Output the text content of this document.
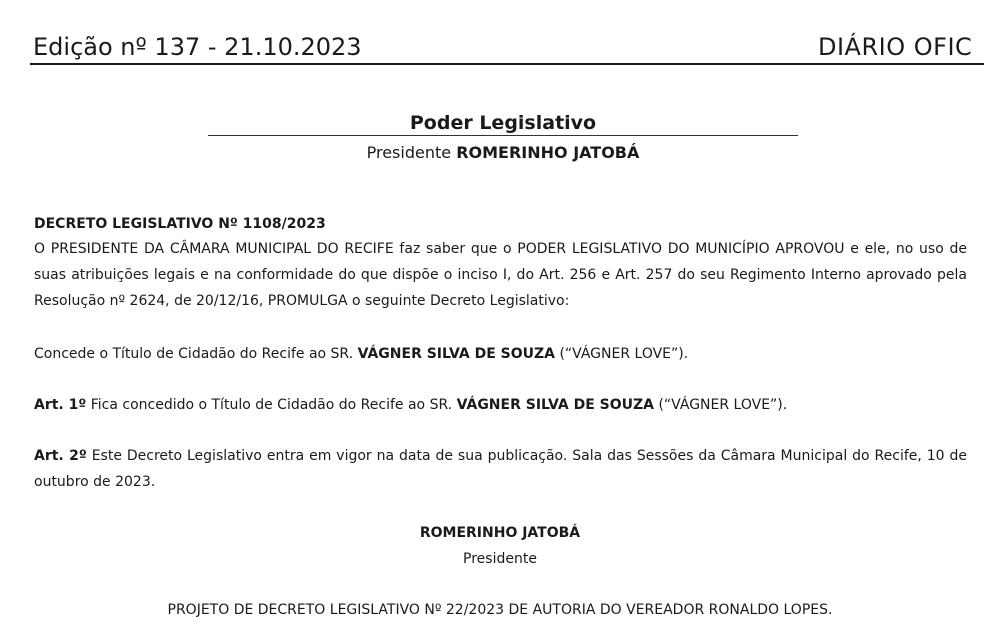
Edição nº 137 - 21.10.2023	DIÁRIO OFIC
Poder Legislativo
Presidente ROMERINHO JATOBÁ
DECRETO LEGISLATIVO Nº 1108/2023
O PRESIDENTE DA CÂMARA MUNICIPAL DO RECIFE faz saber que o PODER LEGISLATIVO DO MUNICÍPIO APROVOU e ele, no uso de suas atribuições legais e na conformidade do que dispõe o inciso I, do Art. 256 e Art. 257 do seu Regimento Interno aprovado pela Resolução nº 2624, de 20/12/16, PROMULGA o seguinte Decreto Legislativo:
Concede o Título de Cidadão do Recife ao SR. VÁGNER SILVA DE SOUZA (“VÁGNER LOVE”).
Art. 1º Fica concedido o Título de Cidadão do Recife ao SR. VÁGNER SILVA DE SOUZA (“VÁGNER LOVE”).
Art. 2º Este Decreto Legislativo entra em vigor na data de sua publicação. Sala das Sessões da Câmara Municipal do Recife, 10 de outubro de 2023.
ROMERINHO JATOBÁ
Presidente
PROJETO DE DECRETO LEGISLATIVO Nº 22/2023 DE AUTORIA DO VEREADOR RONALDO LOPES.
